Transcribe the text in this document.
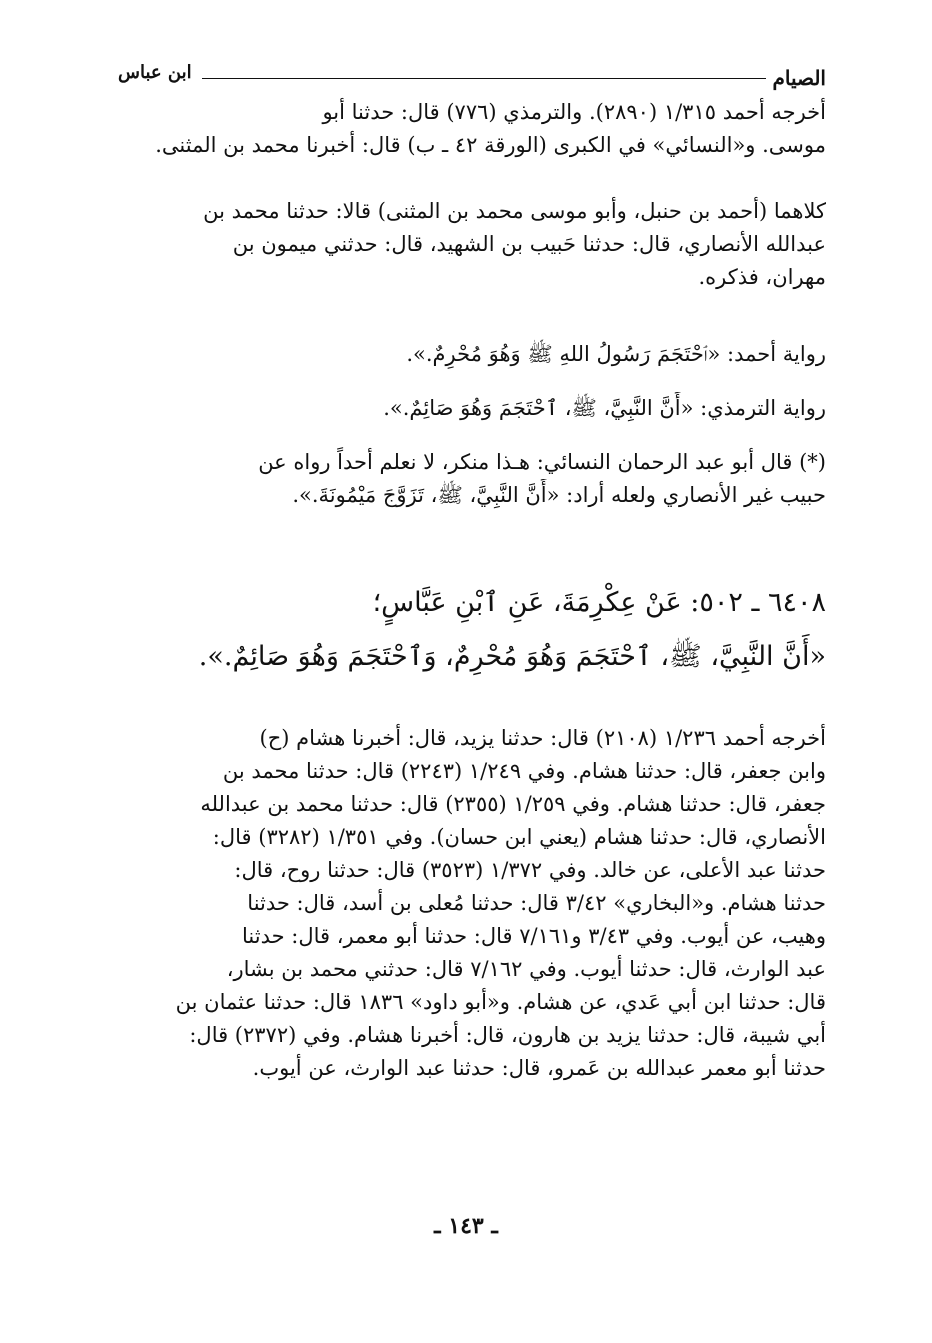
الصيام
ابن عباس
أخرجه أحمد ١/٣١٥ (٢٨٩٠). والترمذي (٧٧٦) قال: حدثنا أبو
موسى. و«النسائي» في الكبرى (الورقة ٤٢ ـ ب) قال: أخبرنا محمد بن المثنى.
كلاهما (أحمد بن حنبل، وأبو موسى محمد بن المثنى) قالا: حدثنا محمد بن
عبدالله الأنصاري، قال: حدثنا حَبيب بن الشهيد، قال: حدثني ميمون بن
مهران، فذكره.
رواية أحمد: «ٱحْتَجَمَ رَسُولُ اللهِ ﷺ وَهُوَ مُحْرِمٌ.».
رواية الترمذي: «أَنَّ النَّبِيَّ، ﷺ، ٱحْتَجَمَ وَهُوَ صَائِمٌ.».
(*) قال أبو عبد الرحمان النسائي: هـذا منكر، لا نعلم أحداً رواه عن
حبيب غير الأنصاري ولعله أراد: «أَنَّ النَّبِيَّ، ﷺ، تَزَوَّجَ مَيْمُونَةَ.».
٦٤٠٨ ـ ٥٠٢: عَنْ عِكْرِمَةَ، عَنِ ٱبْنِ عَبَّاسٍ؛
«أَنَّ النَّبِيَّ، ﷺ، ٱحْتَجَمَ وَهُوَ مُحْرِمٌ، وَٱحْتَجَمَ وَهُوَ صَائِمٌ.».
أخرجه أحمد ١/٢٣٦ (٢١٠٨) قال: حدثنا يزيد، قال: أخبرنا هشام (ح)
وابن جعفر، قال: حدثنا هشام. وفي ١/٢٤٩ (٢٢٤٣) قال: حدثنا محمد بن
جعفر، قال: حدثنا هشام. وفي ١/٢٥٩ (٢٣٥٥) قال: حدثنا محمد بن عبدالله
الأنصاري، قال: حدثنا هشام (يعني ابن حسان). وفي ١/٣٥١ (٣٢٨٢) قال:
حدثنا عبد الأعلى، عن خالد. وفي ١/٣٧٢ (٣٥٢٣) قال: حدثنا روح، قال:
حدثنا هشام. و«البخاري» ٣/٤٢ قال: حدثنا مُعلى بن أسد، قال: حدثنا
وهيب، عن أيوب. وفي ٣/٤٣ و٧/١٦١ قال: حدثنا أبو معمر، قال: حدثنا
عبد الوارث، قال: حدثنا أيوب. وفي ٧/١٦٢ قال: حدثني محمد بن بشار،
قال: حدثنا ابن أبي عَدي، عن هشام. و«أبو داود» ١٨٣٦ قال: حدثنا عثمان بن
أبي شيبة، قال: حدثنا يزيد بن هارون، قال: أخبرنا هشام. وفي (٢٣٧٢) قال:
حدثنا أبو معمر عبدالله بن عَمرو، قال: حدثنا عبد الوارث، عن أيوب.
ـ ١٤٣ ـ
